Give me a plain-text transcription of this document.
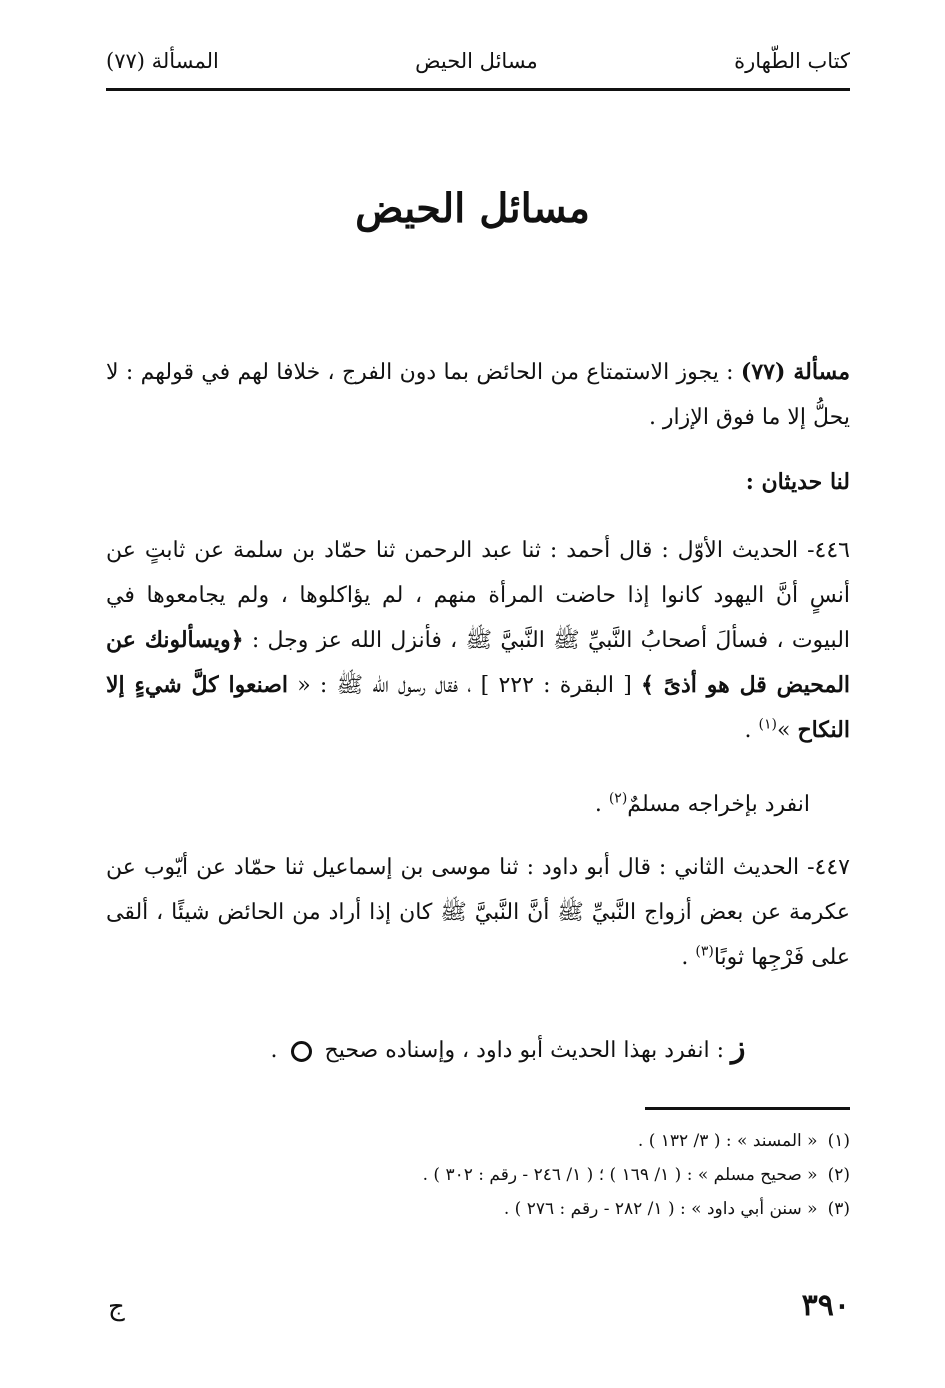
كتاب الطّهارة
مسائل الحيض
المسألة (٧٧)
مسائل الحيض

مسألة (٧٧) : يجوز الاستمتاع من الحائض بما دون الفرج ، خلافا لهم في قولهم : لا يحلُّ إلا ما فوق الإزار .

لنا حديثان :

٤٤٦- الحديث الأوّل : قال أحمد : ثنا عبد الرحمن ثنا حمّاد بن سلمة عن ثابتٍ عن أنسٍ أنَّ اليهود كانوا إذا حاضت المرأة منهم ، لم يؤاكلوها ، ولم يجامعوها في البيوت ، فسألَ أصحابُ النَّبيِّ ﷺ النَّبيَّ ﷺ ، فأنزل الله عز وجل : ﴿ويسألونك عن المحيض قل هو أذىً ﴾ [ البقرة : ٢٢٢ ] ، فقال رسول الله ﷺ : « اصنعوا كلَّ شيءٍ إلا النكاح »$^{(١)}$ .

انفرد بإخراجه مسلمٌ$^{(٢)}$ .

٤٤٧- الحديث الثاني : قال أبو داود : ثنا موسى بن إسماعيل ثنا حمّاد عن أيّوب عن عكرمة عن بعض أزواج النَّبيِّ ﷺ أنَّ النَّبيَّ ﷺ كان إذا أراد من الحائض شيئًا ، ألقى على فَرْجِها ثوبًا$^{(٣)}$ .

ز : انفرد بهذا الحديث أبو داود ، وإسناده صحيح  .

(١)
« المسند » : ( ٣/ ١٣٢ ) .
(٢)
« صحيح مسلم » : ( ١/ ١٦٩ ) ؛ ( ١/ ٢٤٦ - رقم : ٣٠٢ ) .
(٣)
« سنن أبي داود » : ( ١/ ٢٨٢ - رقم : ٢٧٦ ) .
٣٩٠
ج
